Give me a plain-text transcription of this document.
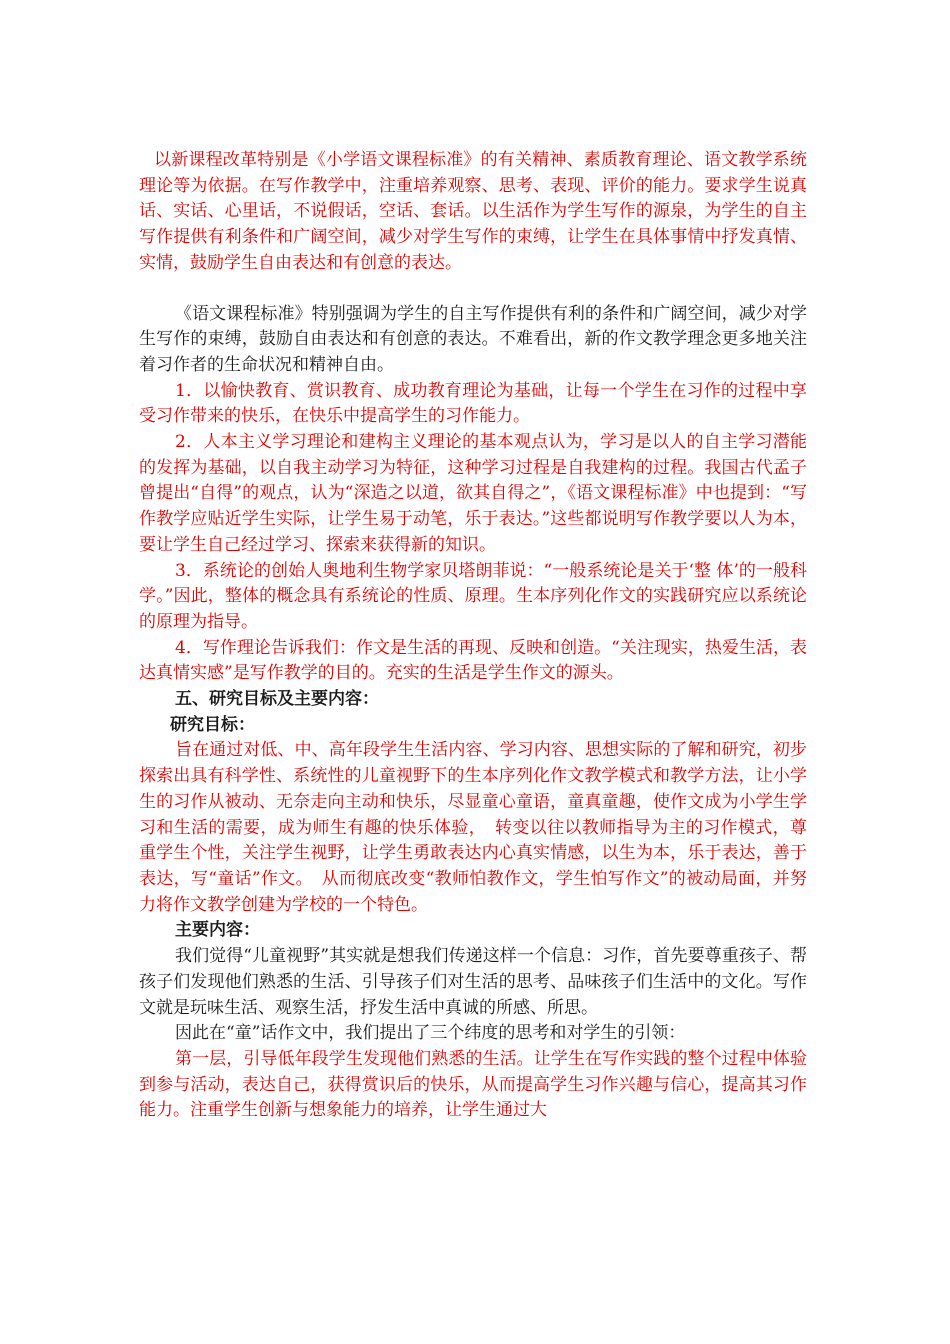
以新课程改革特别是《小学语文课程标准》的有关精神、素质教育理论、语文教学系统理论等为依据。在写作教学中，注重培养观察、思考、表现、评价的能力。要求学生说真话、实话、心里话，不说假话，空话、套话。以生活作为学生写作的源泉，为学生的自主写作提供有利条件和广阔空间，减少对学生写作的束缚，让学生在具体事情中抒发真情、实情，鼓励学生自由表达和有创意的表达。

《语文课程标准》特别强调为学生的自主写作提供有利的条件和广阔空间，减少对学生写作的束缚，鼓励自由表达和有创意的表达。不难看出，新的作文教学理念更多地关注着习作者的生命状况和精神自由。

1．以愉快教育、赏识教育、成功教育理论为基础，让每一个学生在习作的过程中享受习作带来的快乐，在快乐中提高学生的习作能力。

2．人本主义学习理论和建构主义理论的基本观点认为，学习是以人的自主学习潜能的发挥为基础，以自我主动学习为特征，这种学习过程是自我建构的过程。我国古代孟子曾提出“自得”的观点，认为“深造之以道，欲其自得之”，《语文课程标准》中也提到：“写作教学应贴近学生实际，让学生易于动笔，乐于表达。”这些都说明写作教学要以人为本，要让学生自己经过学习、探索来获得新的知识。

3．系统论的创始人奥地利生物学家贝塔朗菲说：“一般系统论是关于‘整 体’的一般科学。”因此，整体的概念具有系统论的性质、原理。生本序列化作文的实践研究应以系统论的原理为指导。

4．写作理论告诉我们：作文是生活的再现、反映和创造。“关注现实，热爱生活，表达真情实感”是写作教学的目的。充实的生活是学生作文的源头。

五、研究目标及主要内容：

研究目标：

旨在通过对低、中、高年段学生生活内容、学习内容、思想实际的了解和研究，初步探索出具有科学性、系统性的儿童视野下的生本序列化作文教学模式和教学方法，让小学生的习作从被动、无奈走向主动和快乐，尽显童心童语，童真童趣，使作文成为小学生学习和生活的需要，成为师生有趣的快乐体验，　转变以往以教师指导为主的习作模式，尊重学生个性，关注学生视野，让学生勇敢表达内心真实情感，以生为本，乐于表达，善于表达，写“童话”作文。　从而彻底改变“教师怕教作文，学生怕写作文”的被动局面，并努力将作文教学创建为学校的一个特色。

主要内容：

我们觉得“儿童视野”其实就是想我们传递这样一个信息：习作，首先要尊重孩子、帮孩子们发现他们熟悉的生活、引导孩子们对生活的思考、品味孩子们生活中的文化。写作文就是玩味生活、观察生活，抒发生活中真诚的所感、所思。

因此在“童”话作文中，我们提出了三个纬度的思考和对学生的引领：

第一层，引导低年段学生发现他们熟悉的生活。让学生在写作实践的整个过程中体验到参与活动，表达自己，获得赏识后的快乐，从而提高学生习作兴趣与信心，提高其习作能力。注重学生创新与想象能力的培养，让学生通过大
